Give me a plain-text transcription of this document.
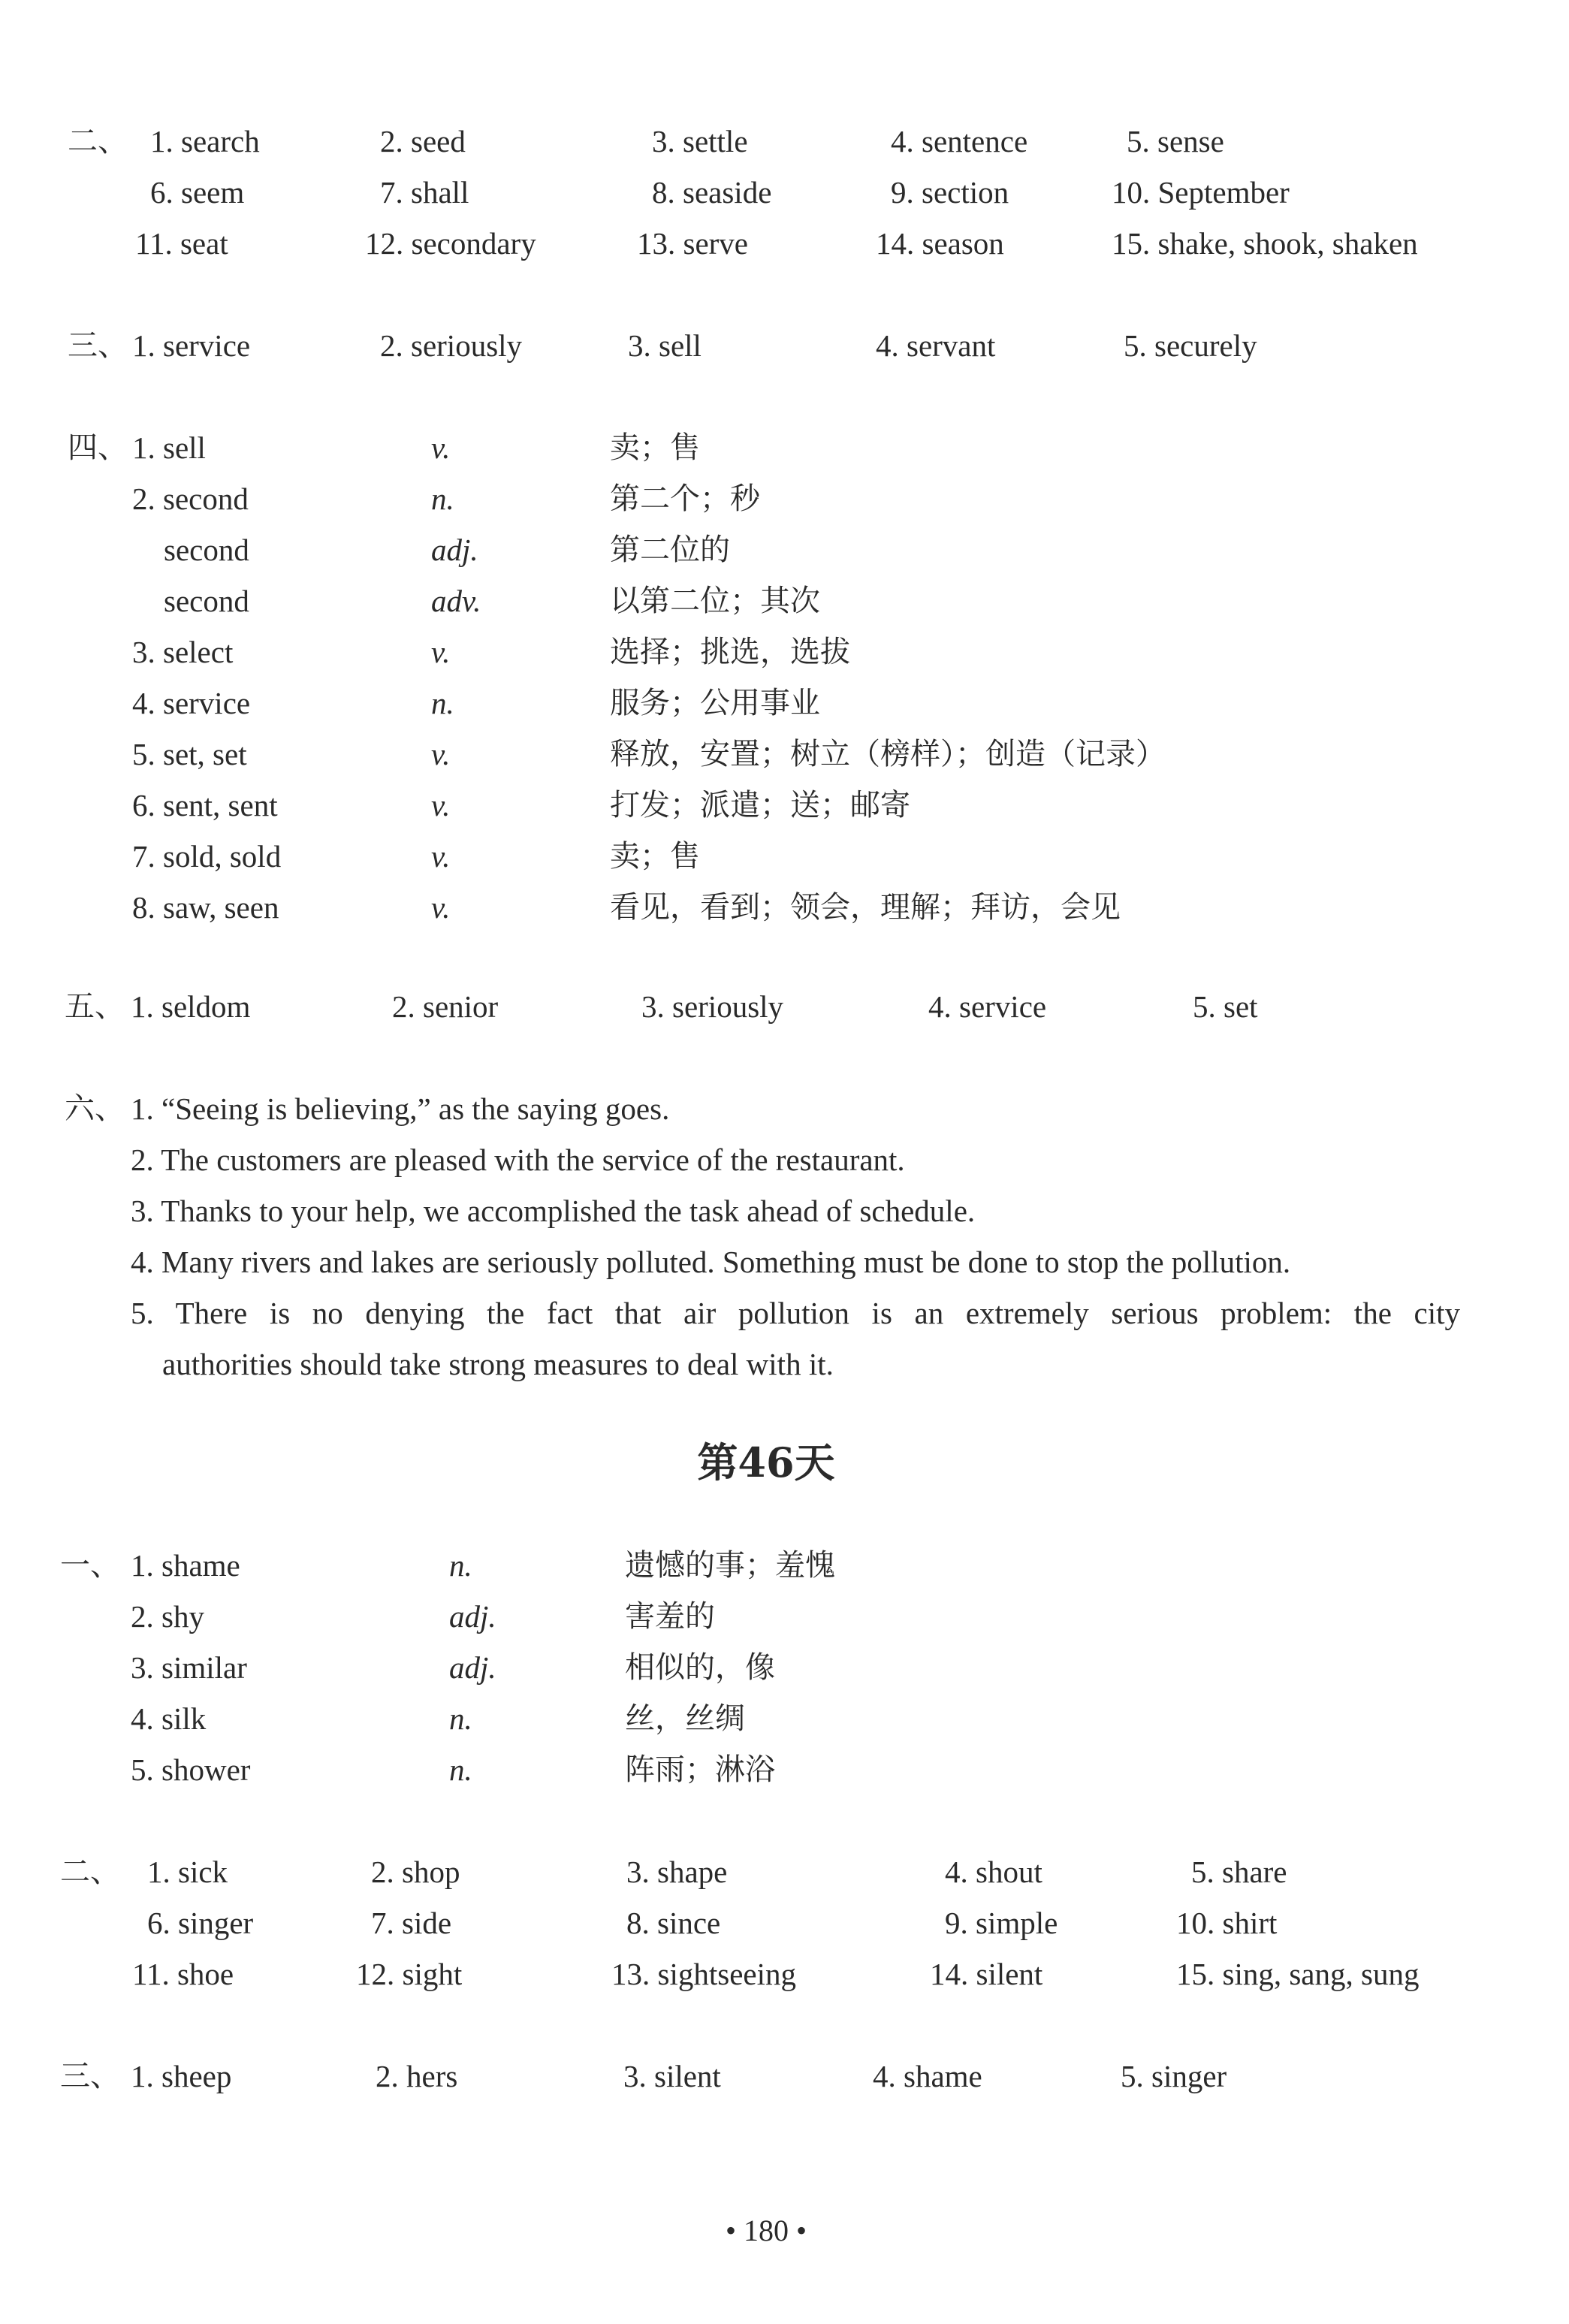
二、 1. search	2. seed	3. settle	4. sentence	5. sense
6. seem	7. shall	8. seaside	9. section	10. September
11. seat	12. secondary	13. serve	14. season	15. shake, shook, shaken
三、 1. service	2. seriously	3. sell	4. servant	5. securely
四、 1. sell	v.	卖；售
2. second	n.	第二个；秒
second	adj.	第二位的
second	adv.	以第二位；其次
3. select	v.	选择；挑选，选拔
4. service	n.	服务；公用事业
5. set, set	v.	释放，安置；树立（榜样）；创造（记录）
6. sent, sent	v.	打发；派遣；送；邮寄
7. sold, sold	v.	卖；售
8. saw, seen	v.	看见，看到；领会，理解；拜访，会见
五、 1. seldom	2. senior	3. seriously	4. service	5. set
六、 1. “Seeing is believing,” as the saying goes.
2. The customers are pleased with the service of the restaurant.
3. Thanks to your help, we accomplished the task ahead of schedule.
4. Many rivers and lakes are seriously polluted. Something must be done to stop the pollution.
5. There is no denying the fact that air pollution is an extremely serious problem: the city
authorities should take strong measures to deal with it.
第46天
一、 1. shame	n.	遗憾的事；羞愧
2. shy	adj.	害羞的
3. similar	adj.	相似的，像
4. silk	n.	丝，丝绸
5. shower	n.	阵雨；淋浴
二、 1. sick	2. shop	3. shape	4. shout	5. share
6. singer	7. side	8. since	9. simple	10. shirt
11. shoe	12. sight	13. sightseeing	14. silent	15. sing, sang, sung
三、 1. sheep	2. hers	3. silent	4. shame	5. singer
• 180 •
